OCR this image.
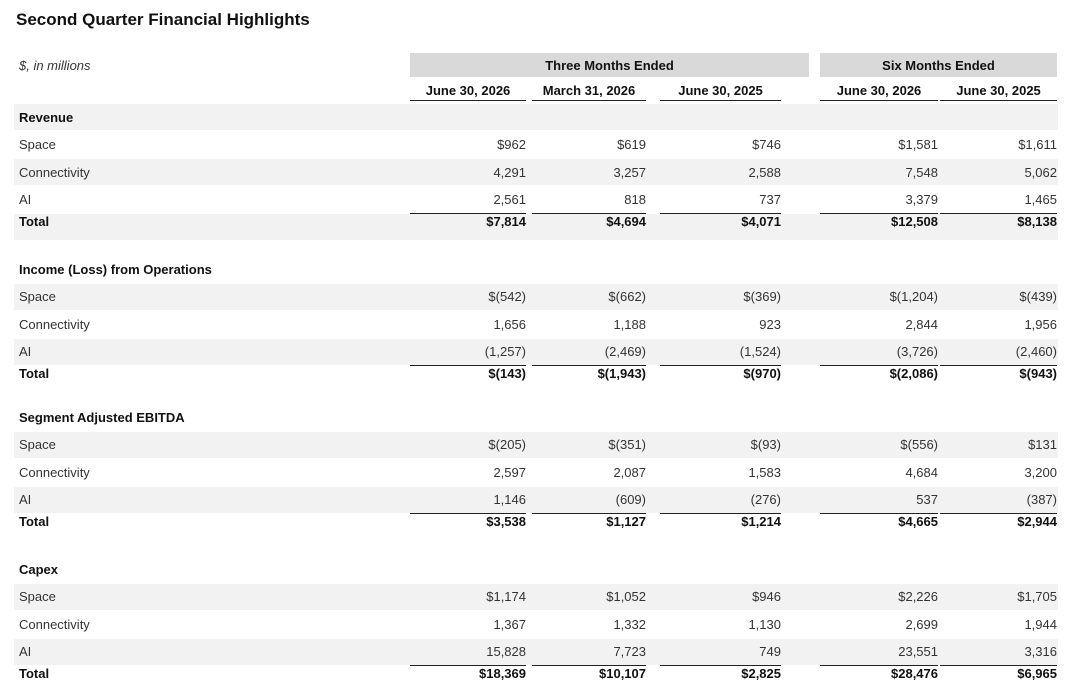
Second Quarter Financial Highlights
$, in millions	Three Months Ended	Six Months Ended
June 30, 2026	March 31, 2026	June 30, 2025	June 30, 2026	June 30, 2025
Revenue
Space	$962	$619	$746	$1,581	$1,611
Connectivity	4,291	3,257	2,588	7,548	5,062
AI	2,561	818	737	3,379	1,465
Total	$7,814	$4,694	$4,071	$12,508	$8,138
Income (Loss) from Operations
Space	$(542)	$(662)	$(369)	$(1,204)	$(439)
Connectivity	1,656	1,188	923	2,844	1,956
AI	(1,257)	(2,469)	(1,524)	(3,726)	(2,460)
Total	$(143)	$(1,943)	$(970)	$(2,086)	$(943)
Segment Adjusted EBITDA
Space	$(205)	$(351)	$(93)	$(556)	$131
Connectivity	2,597	2,087	1,583	4,684	3,200
AI	1,146	(609)	(276)	537	(387)
Total	$3,538	$1,127	$1,214	$4,665	$2,944
Capex
Space	$1,174	$1,052	$946	$2,226	$1,705
Connectivity	1,367	1,332	1,130	2,699	1,944
AI	15,828	7,723	749	23,551	3,316
Total	$18,369	$10,107	$2,825	$28,476	$6,965
